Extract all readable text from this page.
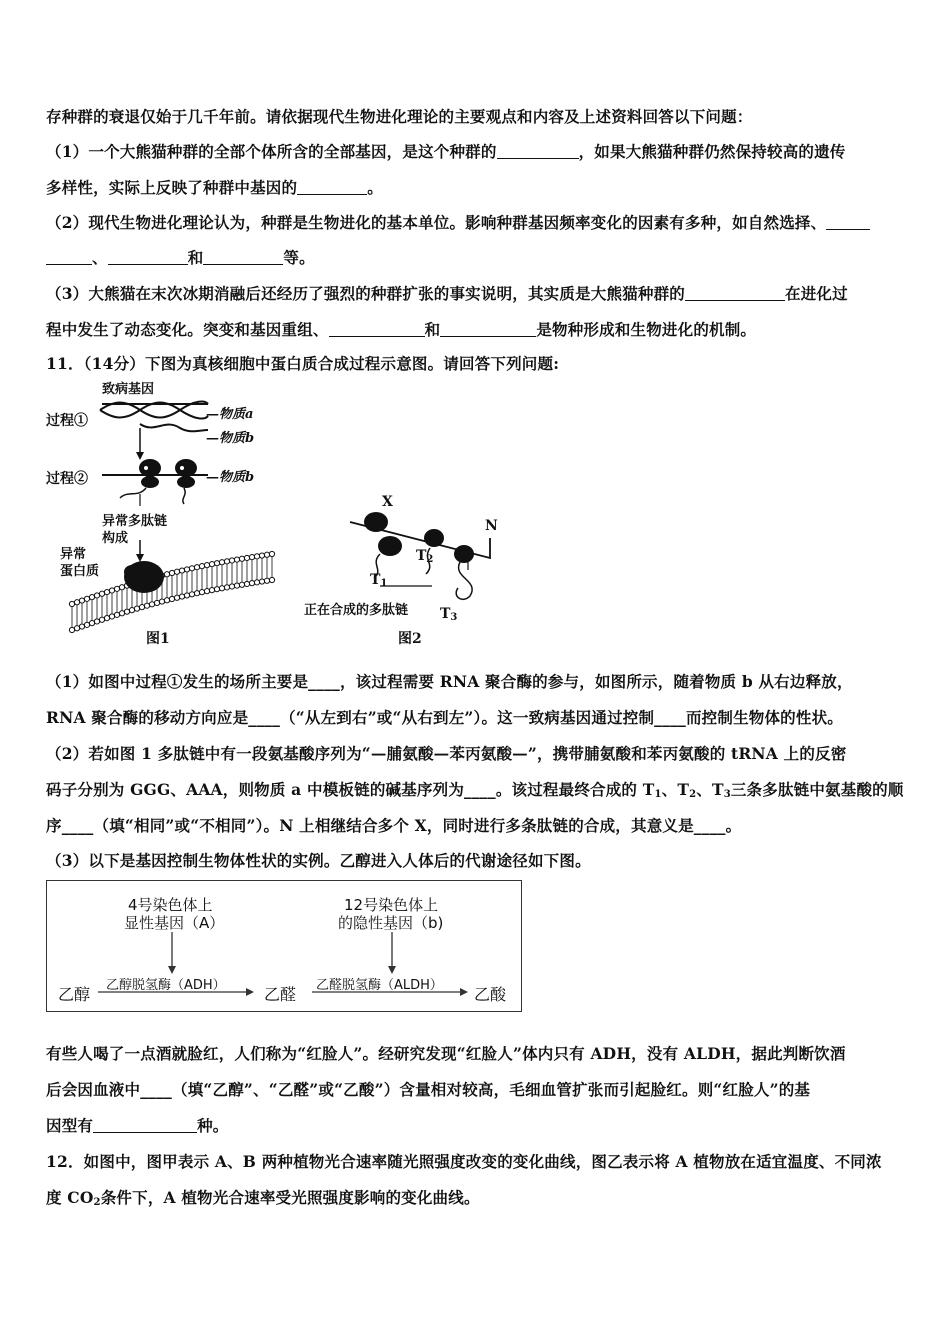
存种群的衰退仅始于几千年前。请依据现代生物进化理论的主要观点和内容及上述资料回答以下问题：
（1）一个大熊猫种群的全部个体所含的全部基因，是这个种群的	，如果大熊猫种群仍然保持较高的遗传
多样性，实际上反映了种群中基因的	。
（2）现代生物进化理论认为，种群是生物进化的基本单位。影响种群基因频率变化的因素有多种，如自然选择、
、	和	等。
（3）大熊猫在末次冰期消融后还经历了强烈的种群扩张的事实说明，其实质是大熊猫种群的	在进化过
程中发生了动态变化。突变和基因重组、	和	是物种形成和生物进化的机制。
11．（14分）下图为真核细胞中蛋白质合成过程示意图。请回答下列问题:
致病基因
过程①	—物质a
—物质b
过程②	—物质b
异常多肽链
构成
异常
蛋白质
图1
X
N
$T_2$
$T_1$
$T_3$
正在合成的多肽链
图2
（1）如图中过程①发生的场所主要是____，该过程需要 RNA 聚合酶的参与，如图所示，随着物质 b 从右边释放，
RNA 聚合酶的移动方向应是____（“从左到右”或“从右到左”）。这一致病基因通过控制____而控制生物体的性状。
（2）若如图 1 多肽链中有一段氨基酸序列为“—脯氨酸—苯丙氨酸—”，携带脯氨酸和苯丙氨酸的 tRNA 上的反密
码子分别为 GGG、AAA，则物质 a 中模板链的碱基序列为____。该过程最终合成的 $T_1$、$T_2$、$T_3$三条多肽链中氨基酸的顺
序____（填“相同”或“不相同”）。N 上相继结合多个 X，同时进行多条肽链的合成，其意义是____。
（3）以下是基因控制生物体性状的实例。乙醇进入人体后的代谢途径如下图。
4号染色体上
显性基因（A）
12号染色体上
的隐性基因（b)
乙醇 乙醇脱氢酶（ADH） 乙醛 乙醛脱氢酶（ALDH） 乙酸
有些人喝了一点酒就脸红，人们称为“红脸人”。经研究发现“红脸人”体内只有 ADH，没有 ALDH，据此判断饮酒
后会因血液中____（填“乙醇”、“乙醛”或“乙酸”）含量相对较高，毛细血管扩张而引起脸红。则“红脸人”的基
因型有	种。
12．如图中，图甲表示 A、B 两种植物光合速率随光照强度改变的变化曲线，图乙表示将 A 植物放在适宜温度、不同浓
度 $CO_2$条件下，A 植物光合速率受光照强度影响的变化曲线。
